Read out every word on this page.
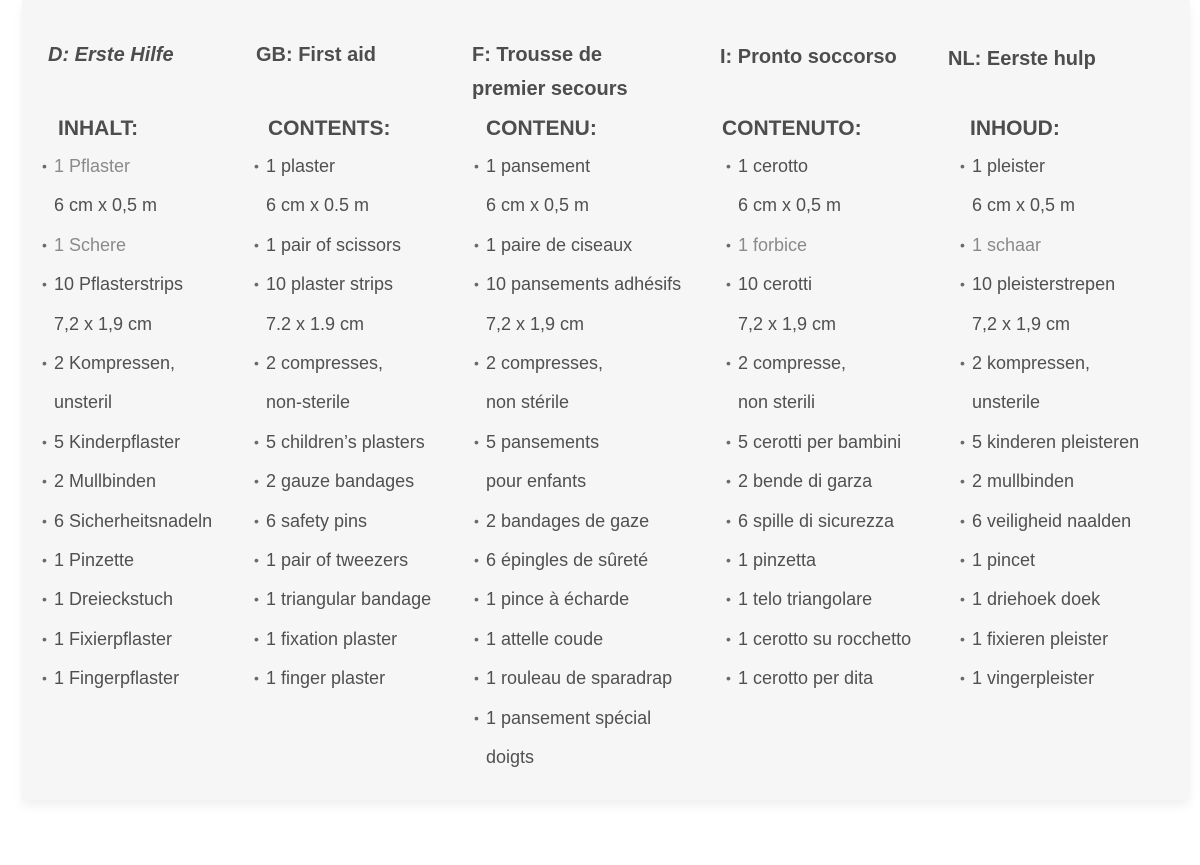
D: Erste Hilfe
INHALT:
• 1 Pflaster
6 cm x 0,5 m
• 1 Schere
• 10 Pflasterstrips
7,2 x 1,9 cm
• 2 Kompressen,
unsteril
• 5 Kinderpflaster
• 2 Mullbinden
• 6 Sicherheitsnadeln
• 1 Pinzette
• 1 Dreieckstuch
• 1 Fixierpflaster
• 1 Fingerpflaster
GB: First aid
CONTENTS:
• 1 plaster
6 cm x 0.5 m
• 1 pair of scissors
• 10 plaster strips
7.2 x 1.9 cm
• 2 compresses,
non-sterile
• 5 children’s plasters
• 2 gauze bandages
• 6 safety pins
• 1 pair of tweezers
• 1 triangular bandage
• 1 fixation plaster
• 1 finger plaster
F: Trousse de
premier secours
CONTENU:
• 1 pansement
6 cm x 0,5 m
• 1 paire de ciseaux
• 10 pansements adhésifs
7,2 x 1,9 cm
• 2 compresses,
non stérile
• 5 pansements
pour enfants
• 2 bandages de gaze
• 6 épingles de sûreté
• 1 pince à écharde
• 1 attelle coude
• 1 rouleau de sparadrap
• 1 pansement spécial
doigts
I: Pronto soccorso
CONTENUTO:
• 1 cerotto
6 cm x 0,5 m
• 1 forbice
• 10 cerotti
7,2 x 1,9 cm
• 2 compresse,
non sterili
• 5 cerotti per bambini
• 2 bende di garza
• 6 spille di sicurezza
• 1 pinzetta
• 1 telo triangolare
• 1 cerotto su rocchetto
• 1 cerotto per dita
NL: Eerste hulp
INHOUD:
• 1 pleister
6 cm x 0,5 m
• 1 schaar
• 10 pleisterstrepen
7,2 x 1,9 cm
• 2 kompressen,
unsterile
• 5 kinderen pleisteren
• 2 mullbinden
• 6 veiligheid naalden
• 1 pincet
• 1 driehoek doek
• 1 fixieren pleister
• 1 vingerpleister
